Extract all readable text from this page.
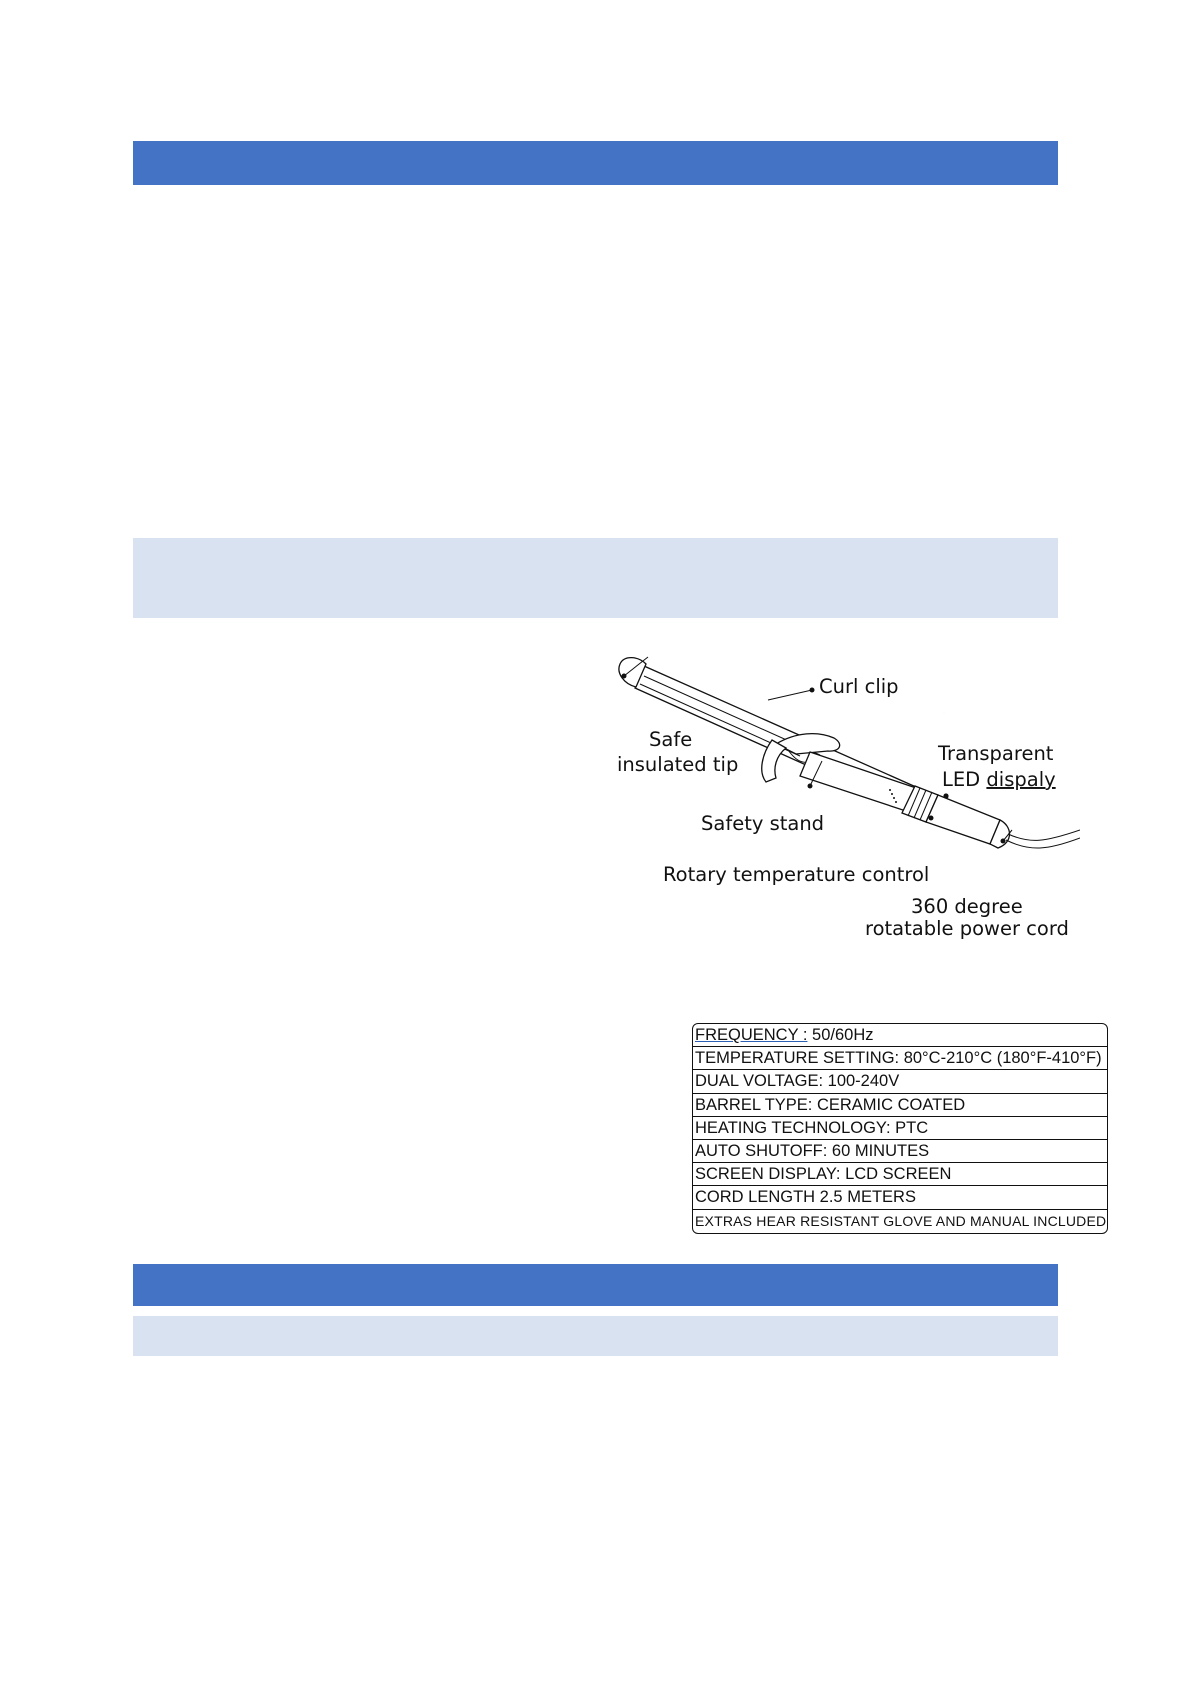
Curl clip
Safe
insulated tip	Transparent
LED dispaly
Safety stand
Rotary temperature control
360 degree
rotatable power cord
FREQUENCY : 50/60Hz
TEMPERATURE SETTING: 80°C-210°C (180°F-410°F)
DUAL VOLTAGE: 100-240V
BARREL TYPE: CERAMIC COATED
HEATING TECHNOLOGY: PTC
AUTO SHUTOFF: 60 MINUTES
SCREEN DISPLAY: LCD SCREEN
CORD LENGTH 2.5 METERS
EXTRAS HEAR RESISTANT GLOVE AND MANUAL INCLUDED
